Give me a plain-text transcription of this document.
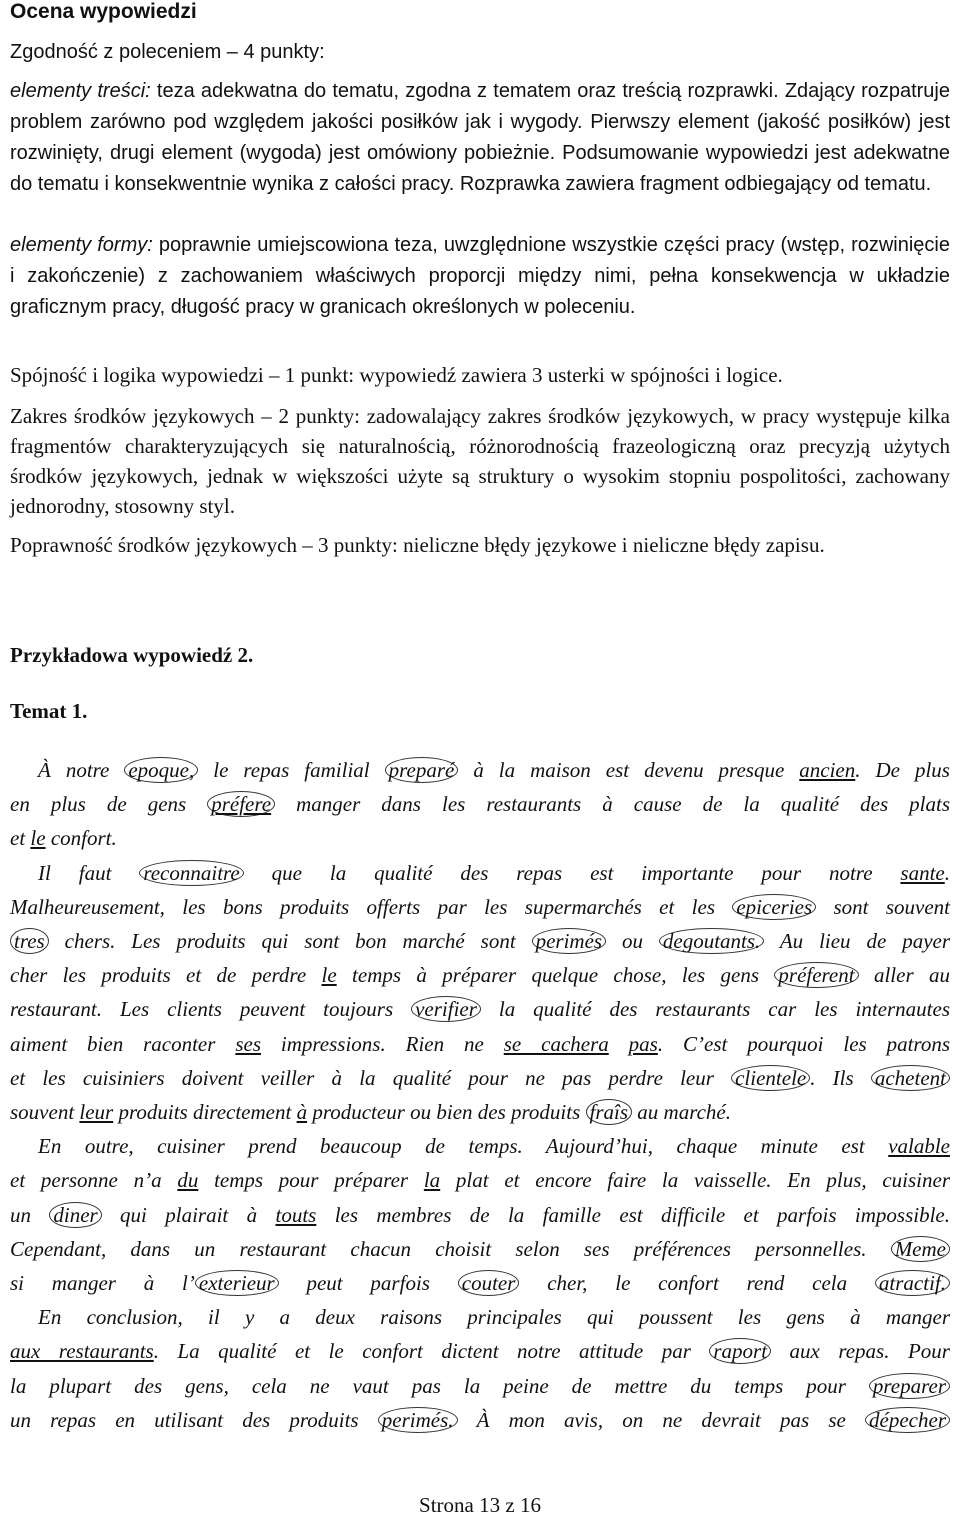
Ocena wypowiedzi
Zgodność z poleceniem – 4 punkty:
elementy treści: teza adekwatna do tematu, zgodna z tematem oraz treścią rozprawki. Zdający rozpatruje problem zarówno pod względem jakości posiłków jak i wygody. Pierwszy element (jakość posiłków) jest rozwinięty, drugi element (wygoda) jest omówiony pobieżnie. Podsumowanie wypowiedzi jest adekwatne do tematu i konsekwentnie wynika z całości pracy. Rozprawka zawiera fragment odbiegający od tematu.
elementy formy: poprawnie umiejscowiona teza, uwzględnione wszystkie części pracy (wstęp, rozwinięcie i zakończenie) z zachowaniem właściwych proporcji między nimi, pełna konsekwencja w układzie graficznym pracy, długość pracy w granicach określonych w poleceniu.
Spójność i logika wypowiedzi – 1 punkt: wypowiedź zawiera 3 usterki w spójności i logice.
Zakres środków językowych – 2 punkty: zadowalający zakres środków językowych, w pracy występuje kilka fragmentów charakteryzujących się naturalnością, różnorodnością frazeologiczną oraz precyzją użytych środków językowych, jednak w większości użyte są struktury o wysokim stopniu pospolitości, zachowany jednorodny, stosowny styl.
Poprawność środków językowych – 3 punkty: nieliczne błędy językowe i nieliczne błędy zapisu.
Przykładowa wypowiedź 2.
Temat 1.
À notre epoque, le repas familial preparé à la maison est devenu presque ancien. De plus
en plus de gens préfere manger dans les restaurants à cause de la qualité des plats
et le confort.
Il faut reconnaitre que la qualité des repas est importante pour notre sante.
Malheureusement, les bons produits offerts par les supermarchés et les epiceries sont souvent
tres chers. Les produits qui sont bon marché sont perimés ou degoutants. Au lieu de payer
cher les produits et de perdre le temps à préparer quelque chose, les gens préferent aller au
restaurant. Les clients peuvent toujours verifier la qualité des restaurants car les internautes
aiment bien raconter ses impressions. Rien ne se cachera pas. C’est pourquoi les patrons
et les cuisiniers doivent veiller à la qualité pour ne pas perdre leur clientele . Ils achetent
souvent leur produits directement à producteur ou bien des produits fraîs au marché.
En outre, cuisiner prend beaucoup de temps. Aujourd’hui, chaque minute est valable
et personne n’a du temps pour préparer la plat et encore faire la vaisselle. En plus, cuisiner
un diner qui plairait à touts les membres de la famille est difficile et parfois impossible.
Cependant, dans un restaurant chacun choisit selon ses préférences personnelles. Meme
si manger à l’ exterieur peut parfois couter cher, le confort rend cela atractif.
En conclusion, il y a deux raisons principales qui poussent les gens à manger
aux restaurants. La qualité et le confort dictent notre attitude par raport aux repas. Pour
la plupart des gens, cela ne vaut pas la peine de mettre du temps pour preparer
un repas en utilisant des produits perimés. À mon avis, on ne devrait pas se dépecher
Strona 13 z 16
